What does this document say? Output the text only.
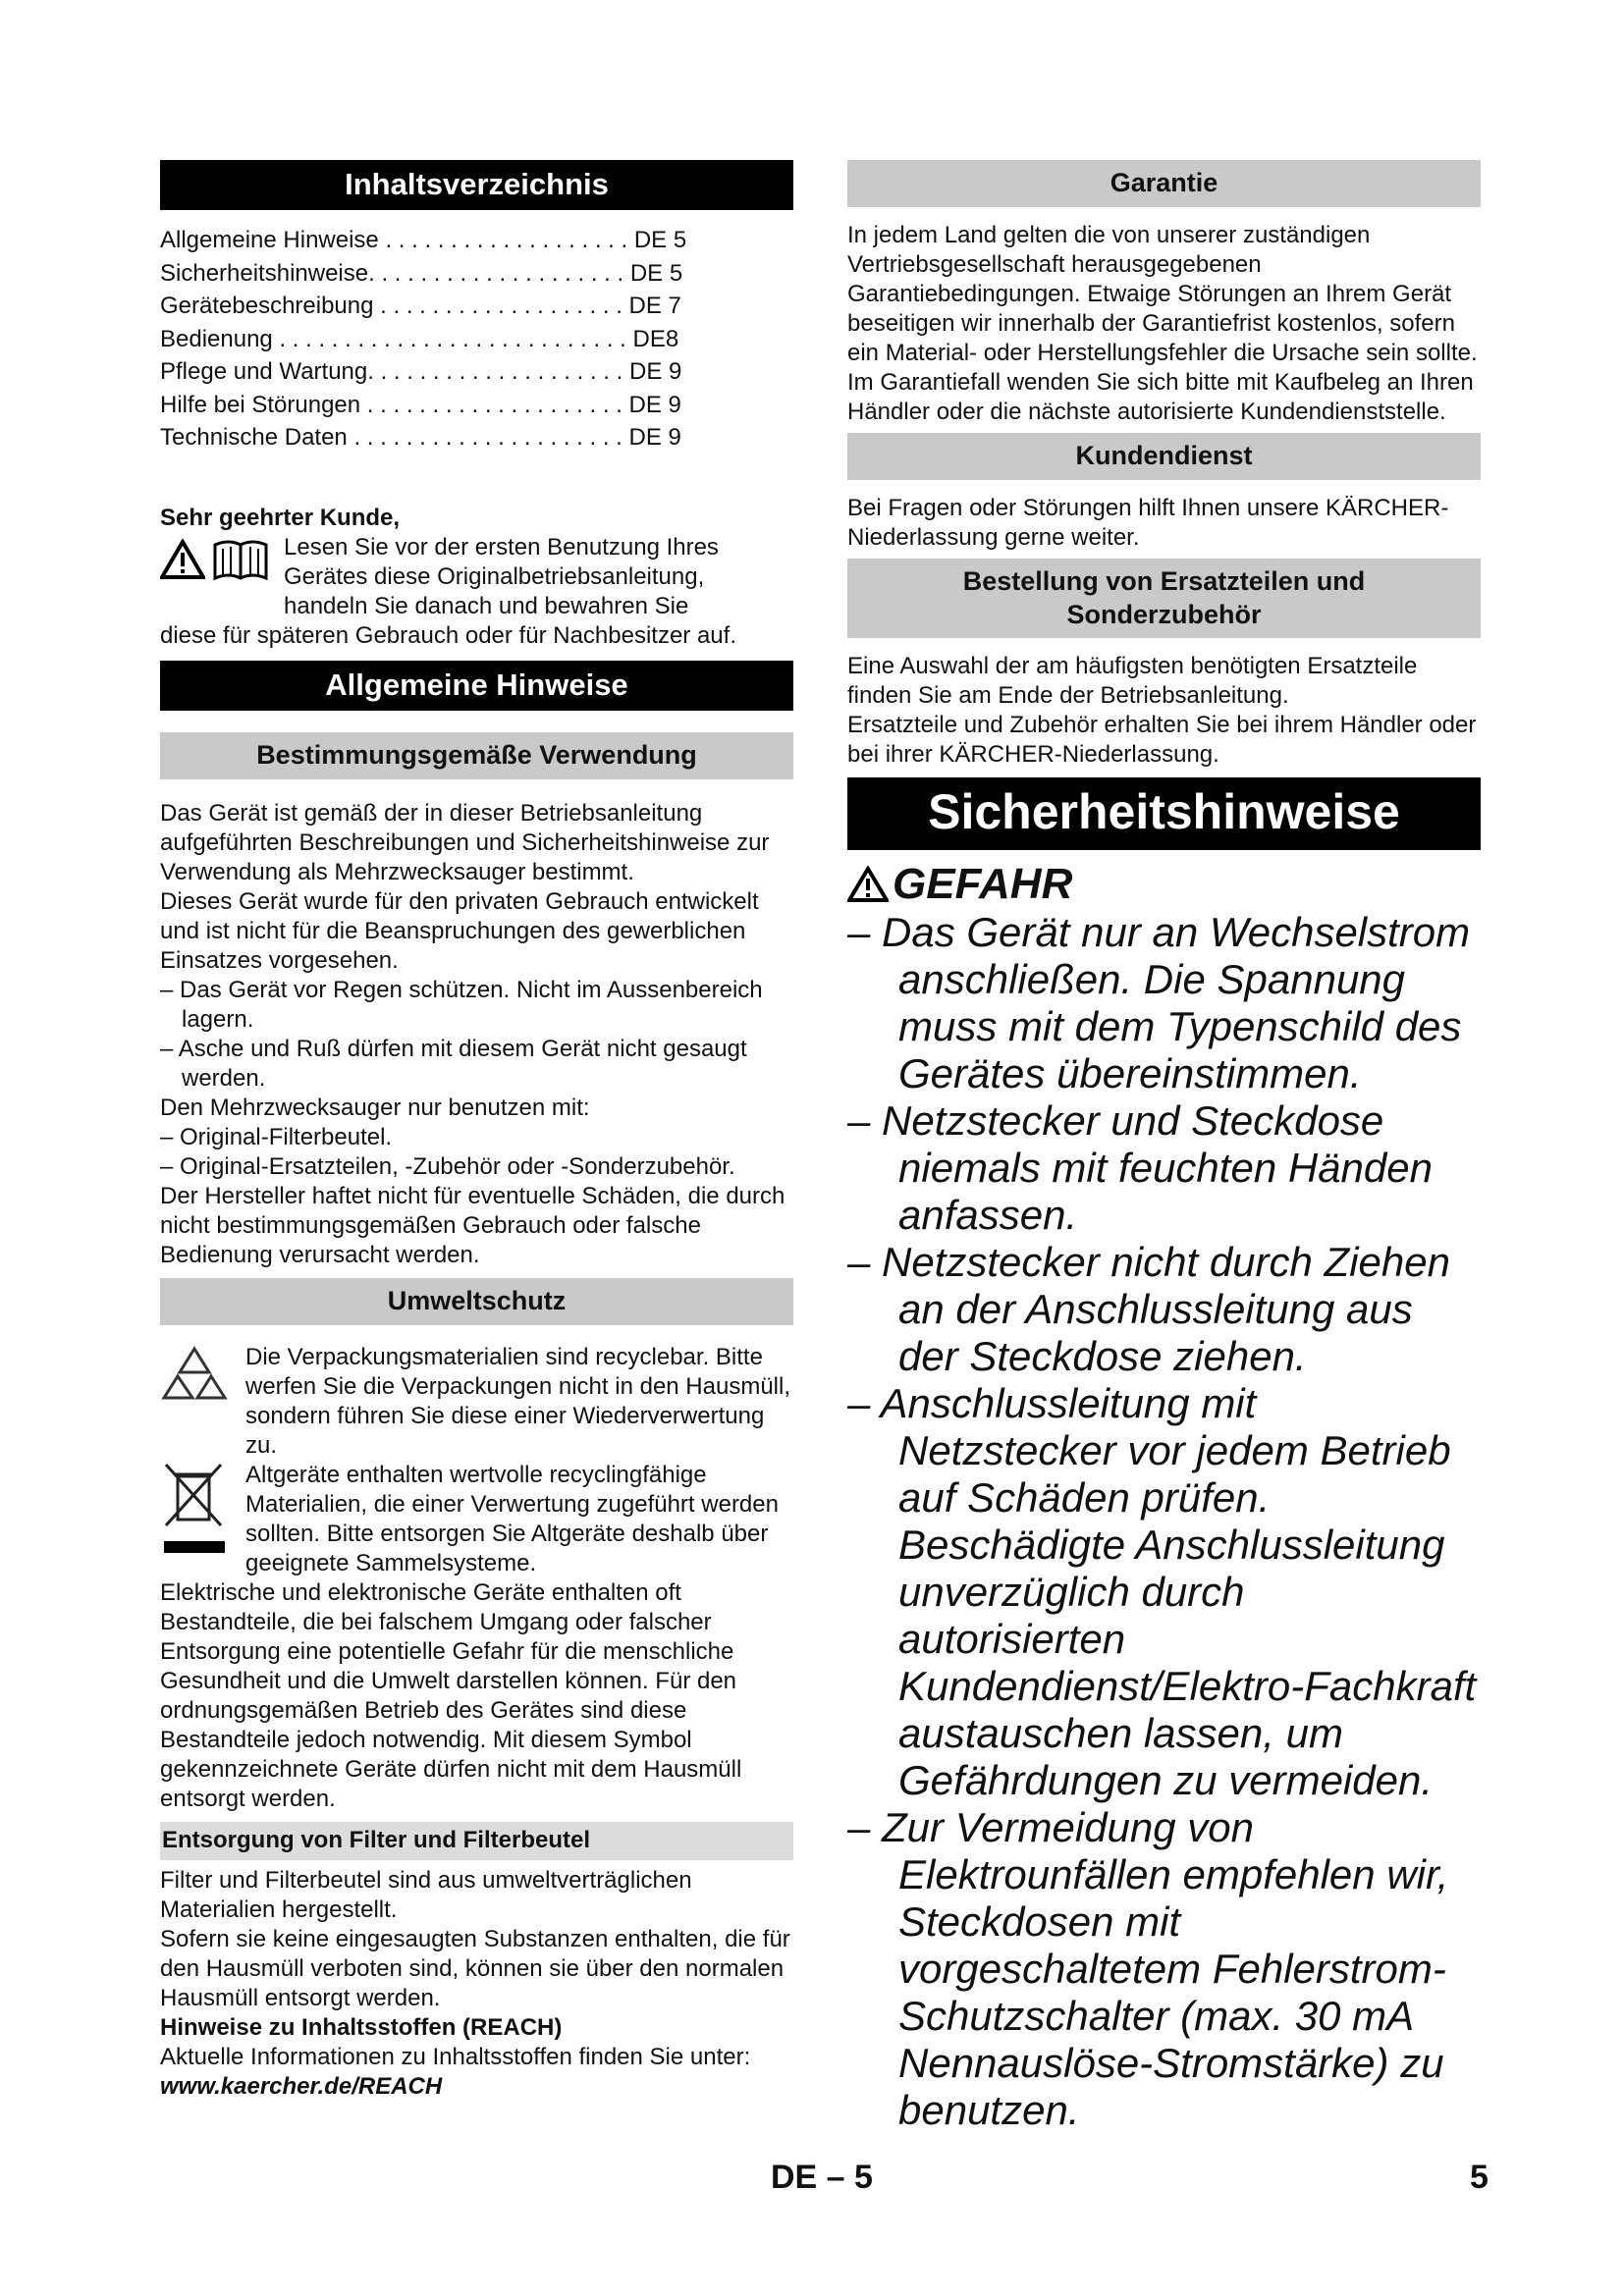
Inhaltsverzeichnis
Allgemeine Hinweise . . . . . . . . . . . . . . . . . . . DE 5
Sicherheitshinweise. . . . . . . . . . . . . . . . . . . . DE 5
Gerätebeschreibung . . . . . . . . . . . . . . . . . . . DE 7
Bedienung . . . . . . . . . . . . . . . . . . . . . . . . . . . DE8
Pflege und Wartung. . . . . . . . . . . . . . . . . . . . DE 9
Hilfe bei Störungen . . . . . . . . . . . . . . . . . . . . DE 9
Technische Daten . . . . . . . . . . . . . . . . . . . . . DE 9
Sehr geehrter Kunde,

Lesen Sie vor der ersten Benutzung Ihres Gerätes diese Originalbetriebsanleitung, handeln Sie danach und bewahren Sie

diese für späteren Gebrauch oder für Nachbesitzer auf.

Allgemeine Hinweise
Bestimmungsgemäße Verwendung

Das Gerät ist gemäß der in dieser Betriebsanleitung aufgeführten Beschreibungen und Sicherheitshinweise zur Verwendung als Mehrzwecksauger bestimmt.

Dieses Gerät wurde für den privaten Gebrauch entwickelt und ist nicht für die Beanspruchungen des gewerblichen Einsatzes vorgesehen.

– Das Gerät vor Regen schützen. Nicht im Aussenbereich lagern.

– Asche und Ruß dürfen mit diesem Gerät nicht gesaugt werden.

Den Mehrzwecksauger nur benutzen mit:

– Original-Filterbeutel.

– Original-Ersatzteilen, -Zubehör oder -Sonderzubehör.

Der Hersteller haftet nicht für eventuelle Schäden, die durch nicht bestimmungsgemäßen Gebrauch oder falsche Bedienung verursacht werden.

Umweltschutz

Die Verpackungsmaterialien sind recyclebar. Bitte werfen Sie die Verpackungen nicht in den Hausmüll, sondern führen Sie diese einer Wiederverwertung zu.

Altgeräte enthalten wertvolle recyclingfähige Materialien, die einer Verwertung zugeführt werden sollten. Bitte entsorgen Sie Altgeräte deshalb über geeignete Sammelsysteme.

Elektrische und elektronische Geräte enthalten oft Bestandteile, die bei falschem Umgang oder falscher Entsorgung eine potentielle Gefahr für die menschliche Gesundheit und die Umwelt darstellen können. Für den ordnungsgemäßen Betrieb des Gerätes sind diese Bestandteile jedoch notwendig. Mit diesem Symbol gekennzeichnete Geräte dürfen nicht mit dem Hausmüll entsorgt werden.

Entsorgung von Filter und Filterbeutel

Filter und Filterbeutel sind aus umweltverträglichen Materialien hergestellt.

Sofern sie keine eingesaugten Substanzen enthalten, die für den Hausmüll verboten sind, können sie über den normalen Hausmüll entsorgt werden.

Hinweise zu Inhaltsstoffen (REACH)

Aktuelle Informationen zu Inhaltsstoffen finden Sie unter:

www.kaercher.de/REACH

Garantie

In jedem Land gelten die von unserer zuständigen Vertriebsgesellschaft herausgegebenen Garantiebedingungen. Etwaige Störungen an Ihrem Gerät beseitigen wir innerhalb der Garantiefrist kostenlos, sofern ein Material- oder Herstellungsfehler die Ursache sein sollte. Im Garantiefall wenden Sie sich bitte mit Kaufbeleg an Ihren Händler oder die nächste autorisierte Kundendienststelle.

Kundendienst

Bei Fragen oder Störungen hilft Ihnen unsere KÄRCHER-Niederlassung gerne weiter.

Bestellung von Ersatzteilen und Sonderzubehör

Eine Auswahl der am häufigsten benötigten Ersatzteile finden Sie am Ende der Betriebsanleitung.

Ersatzteile und Zubehör erhalten Sie bei ihrem Händler oder bei ihrer KÄRCHER-Niederlassung.

Sicherheitshinweise
GEFAHR

– Das Gerät nur an Wechselstrom anschließen. Die Spannung muss mit dem Typenschild des Gerätes übereinstimmen.

– Netzstecker und Steckdose niemals mit feuchten Händen anfassen.

– Netzstecker nicht durch Ziehen an der Anschlussleitung aus der Steckdose ziehen.

– Anschlussleitung mit Netzstecker vor jedem Betrieb auf Schäden prüfen. Beschädigte Anschlussleitung unverzüglich durch autorisierten Kundendienst/Elektro-Fachkraft austauschen lassen, um Gefährdungen zu vermeiden.

– Zur Vermeidung von Elektrounfällen empfehlen wir, Steckdosen mit vorgeschaltetem Fehlerstrom-Schutzschalter (max. 30 mA Nennauslöse-Stromstärke) zu benutzen.

DE – 5	5
